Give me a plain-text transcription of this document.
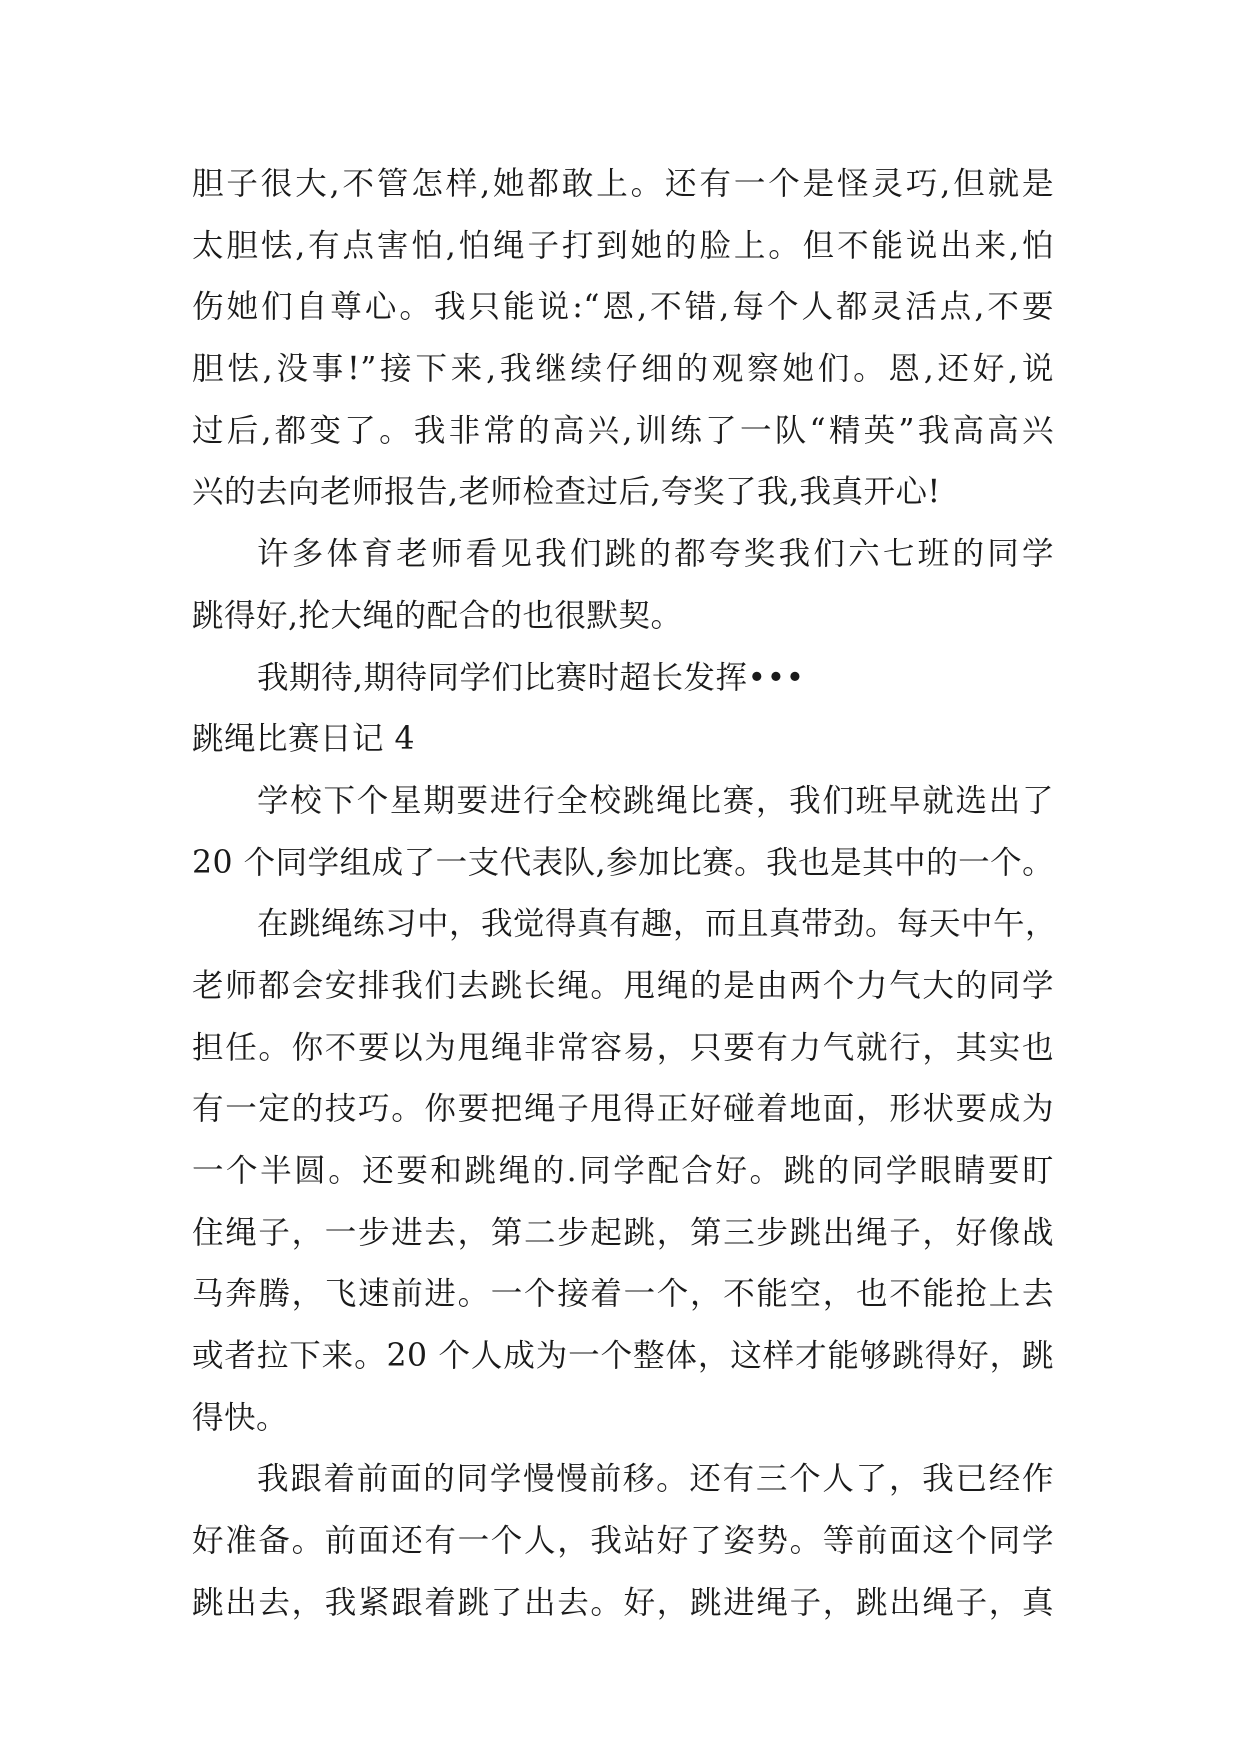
胆子很大,不管怎样,她都敢上。还有一个是怪灵巧,但就是
太胆怯,有点害怕,怕绳子打到她的脸上。但不能说出来,怕
伤她们自尊心。我只能说:“恩,不错,每个人都灵活点,不要
胆怯,没事!”接下来,我继续仔细的观察她们。恩,还好,说
过后,都变了。我非常的高兴,训练了一队“精英”我高高兴
兴的去向老师报告,老师检查过后,夸奖了我,我真开心!
许多体育老师看见我们跳的都夸奖我们六七班的同学
跳得好,抡大绳的配合的也很默契。
我期待,期待同学们比赛时超长发挥•••
跳绳比赛日记 4
学校下个星期要进行全校跳绳比赛，我们班早就选出了
20 个同学组成了一支代表队,参加比赛。我也是其中的一个。
在跳绳练习中，我觉得真有趣，而且真带劲。每天中午，
老师都会安排我们去跳长绳。甩绳的是由两个力气大的同学
担任。你不要以为甩绳非常容易，只要有力气就行，其实也
有一定的技巧。你要把绳子甩得正好碰着地面，形状要成为
一个半圆。还要和跳绳的.同学配合好。跳的同学眼睛要盯
住绳子，一步进去，第二步起跳，第三步跳出绳子，好像战
马奔腾，飞速前进。一个接着一个，不能空，也不能抢上去
或者拉下来。20 个人成为一个整体，这样才能够跳得好，跳
得快。
我跟着前面的同学慢慢前移。还有三个人了，我已经作
好准备。前面还有一个人，我站好了姿势。等前面这个同学
跳出去，我紧跟着跳了出去。好，跳进绳子，跳出绳子，真
